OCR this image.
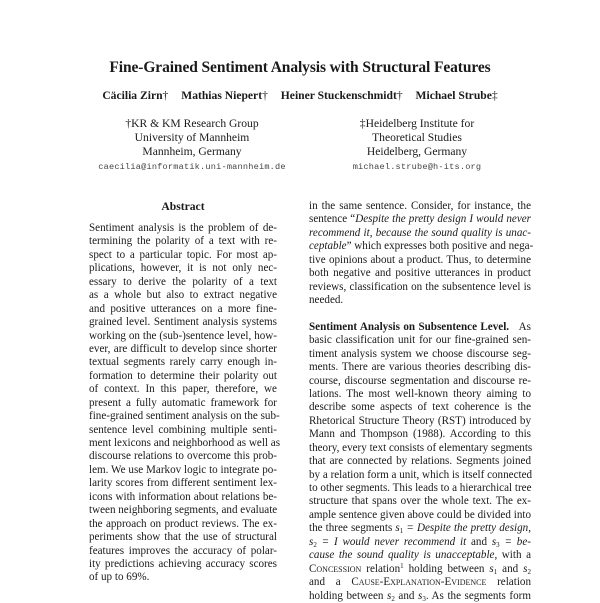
Fine-Grained Sentiment Analysis with Structural Features
Cäcilia Zirn† Mathias Niepert† Heiner Stuckenschmidt† Michael Strube‡
†KR & KM Research Group
University of Mannheim
Mannheim, Germany
caecilia@informatik.uni-mannheim.de
‡Heidelberg Institute for
Theoretical Studies
Heidelberg, Germany
michael.strube@h-its.org
Abstract
Sentiment analysis is the problem of de-
termining the polarity of a text with re-
spect to a particular topic. For most ap-
plications, however, it is not only nec-
essary to derive the polarity of a text
as a whole but also to extract negative
and positive utterances on a more fine-
grained level. Sentiment analysis systems
working on the (sub-)sentence level, how-
ever, are difficult to develop since shorter
textual segments rarely carry enough in-
formation to determine their polarity out
of context. In this paper, therefore, we
present a fully automatic framework for
fine-grained sentiment analysis on the sub-
sentence level combining multiple senti-
ment lexicons and neighborhood as well as
discourse relations to overcome this prob-
lem. We use Markov logic to integrate po-
larity scores from different sentiment lex-
icons with information about relations be-
tween neighboring segments, and evaluate
the approach on product reviews. The ex-
periments show that the use of structural
features improves the accuracy of polar-
ity predictions achieving accuracy scores
of up to 69%.
in the same sentence. Consider, for instance, the
sentence “Despite the pretty design I would never
recommend it, because the sound quality is unac-
ceptable” which expresses both positive and nega-
tive opinions about a product. Thus, to determine
both negative and positive utterances in product
reviews, classification on the subsentence level is
needed.
Sentiment Analysis on Subsentence Level. As
basic classification unit for our fine-grained sen-
timent analysis system we choose discourse seg-
ments. There are various theories describing dis-
course, discourse segmentation and discourse re-
lations. The most well-known theory aiming to
describe some aspects of text coherence is the
Rhetorical Structure Theory (RST) introduced by
Mann and Thompson (1988). According to this
theory, every text consists of elementary segments
that are connected by relations. Segments joined
by a relation form a unit, which is itself connected
to other segments. This leads to a hierarchical tree
structure that spans over the whole text. The ex-
ample sentence given above could be divided into
the three segments $s_1$ = Despite the pretty design,
$s_2 = I$ would never recommend it and $s_3 = be-$
cause the sound quality is unacceptable, with a
Concession relation$^1$ holding between $s_1$ and $s_2$
and a Cause-Explanation-Evidence relation
holding between $s_2$ and $s_3$. As the segments form
